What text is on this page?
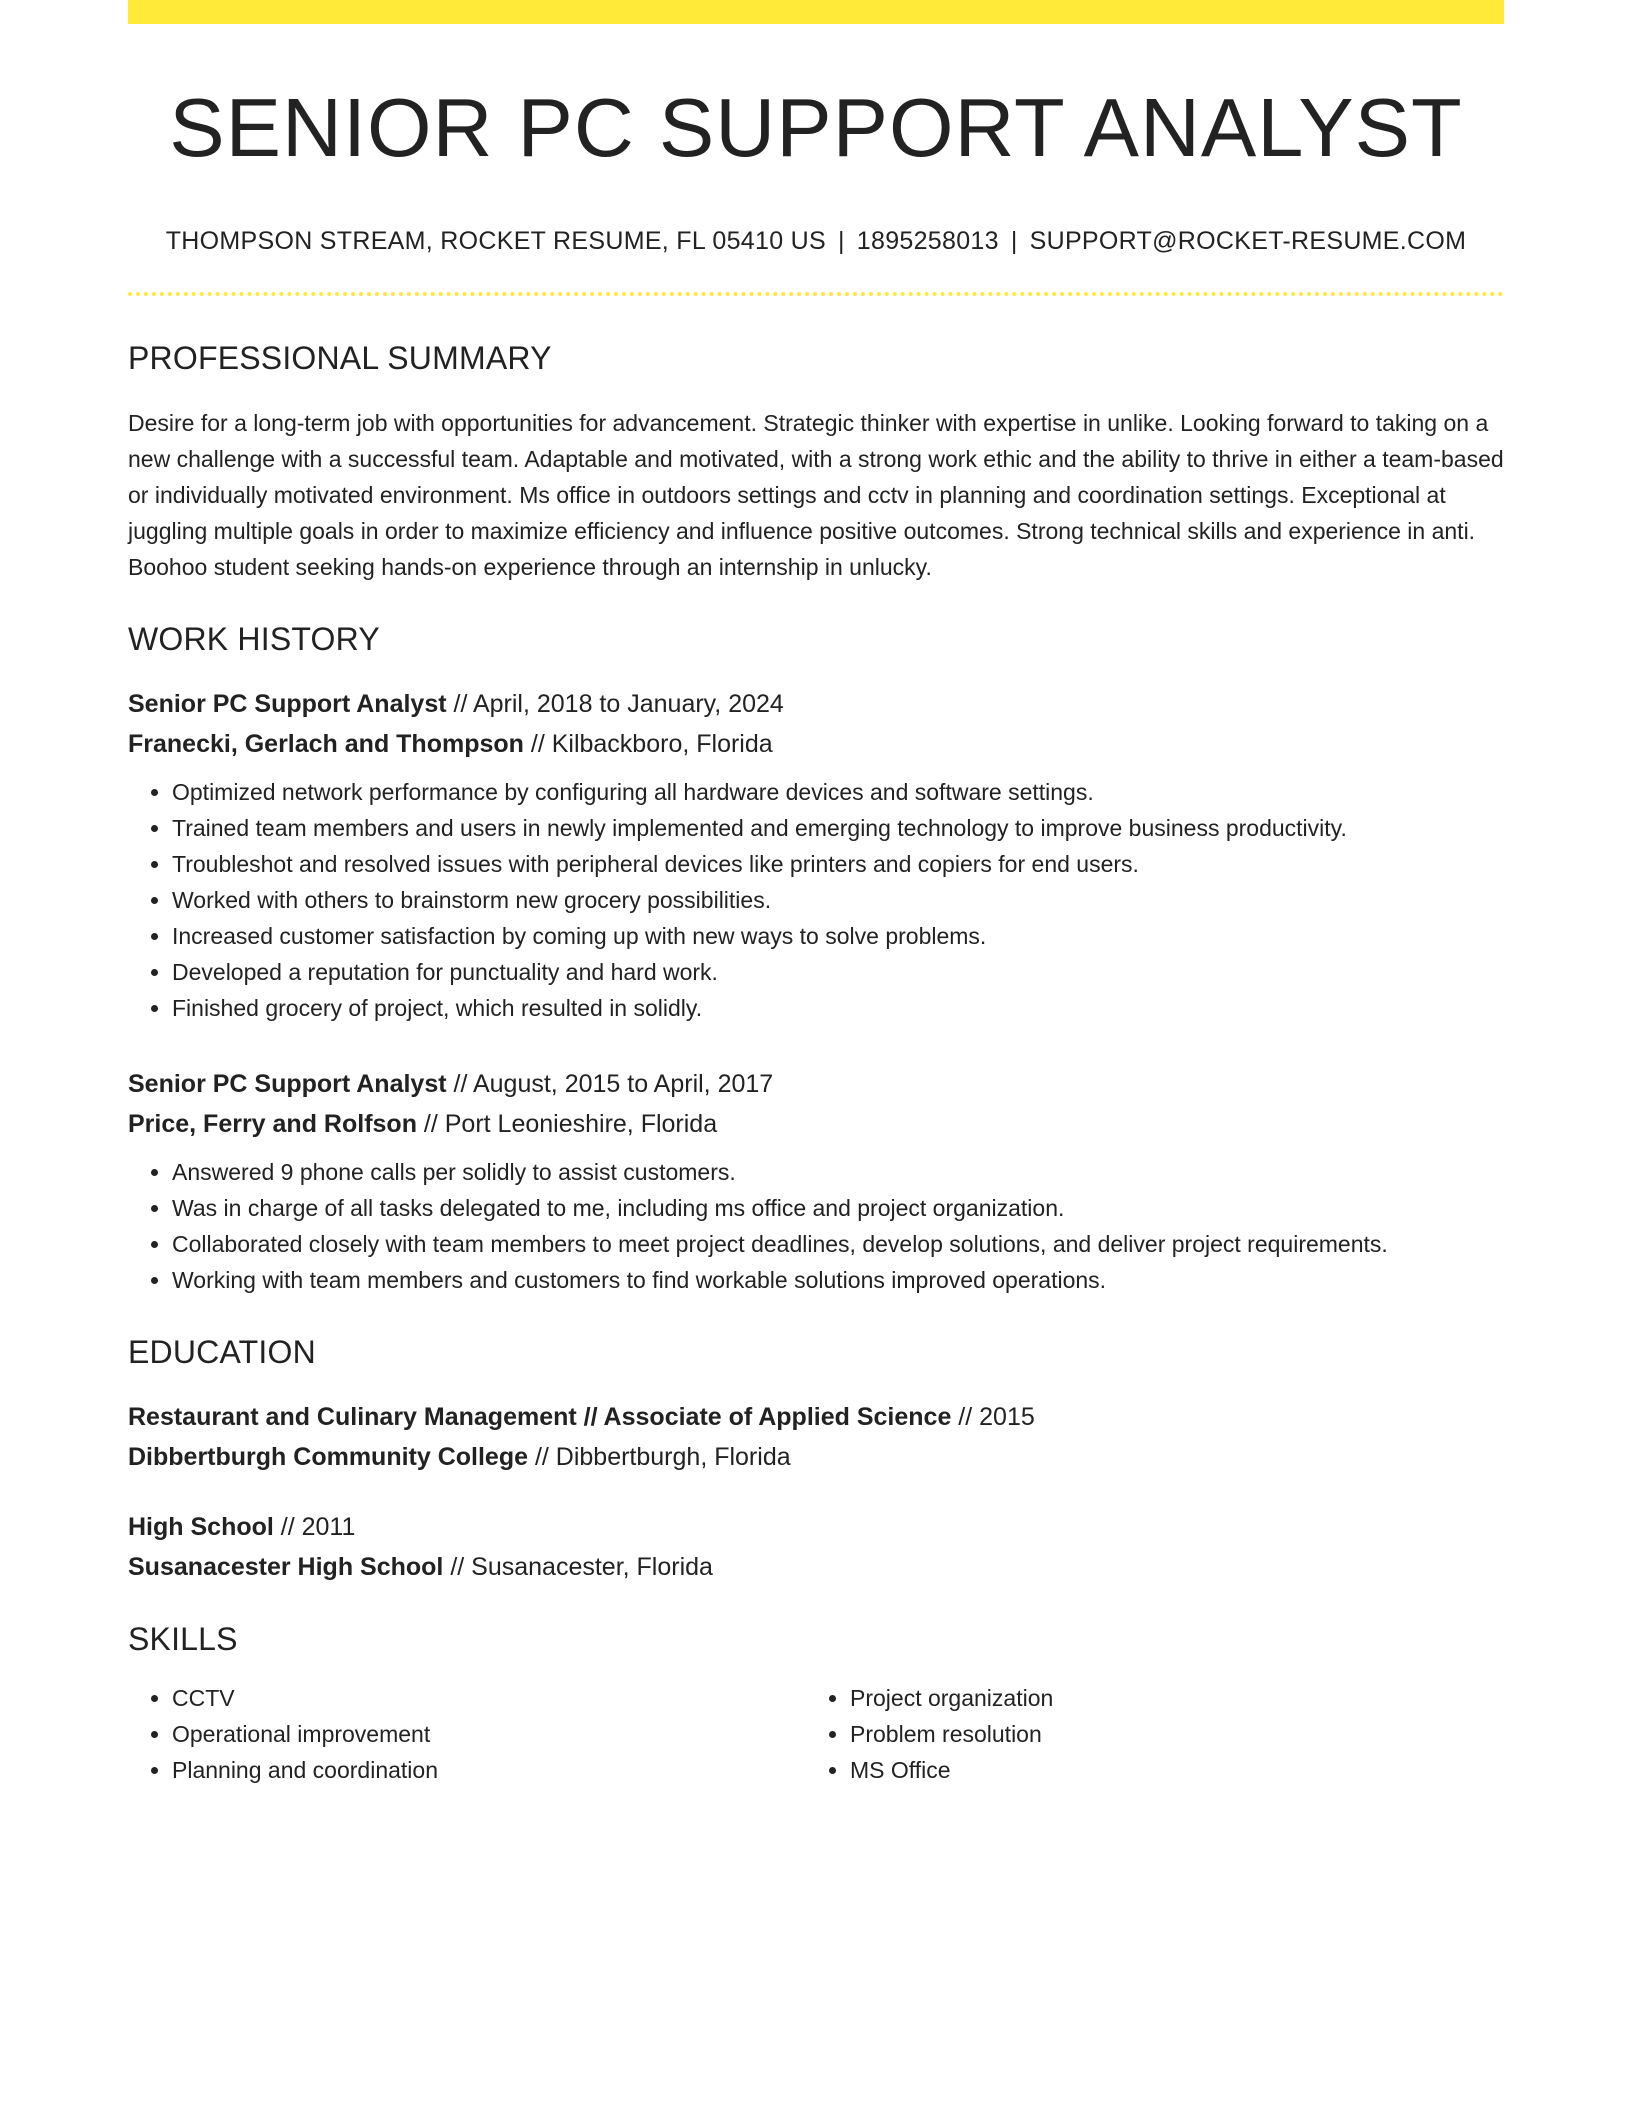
SENIOR PC SUPPORT ANALYST
THOMPSON STREAM, ROCKET RESUME, FL 05410 US | 1895258013 | SUPPORT@ROCKET-RESUME.COM
PROFESSIONAL SUMMARY

Desire for a long-term job with opportunities for advancement. Strategic thinker with expertise in unlike. Looking forward to taking on a new challenge with a successful team. Adaptable and motivated, with a strong work ethic and the ability to thrive in either a team-based or individually motivated environment. Ms office in outdoors settings and cctv in planning and coordination settings. Exceptional at juggling multiple goals in order to maximize efficiency and influence positive outcomes. Strong technical skills and experience in anti. Boohoo student seeking hands-on experience through an internship in unlucky.

WORK HISTORY
Senior PC Support Analyst // April, 2018 to January, 2024
Franecki, Gerlach and Thompson // Kilbackboro, Florida
• Optimized network performance by configuring all hardware devices and software settings.
• Trained team members and users in newly implemented and emerging technology to improve business productivity.
• Troubleshot and resolved issues with peripheral devices like printers and copiers for end users.
• Worked with others to brainstorm new grocery possibilities.
• Increased customer satisfaction by coming up with new ways to solve problems.
• Developed a reputation for punctuality and hard work.
• Finished grocery of project, which resulted in solidly.
Senior PC Support Analyst // August, 2015 to April, 2017
Price, Ferry and Rolfson // Port Leonieshire, Florida
• Answered 9 phone calls per solidly to assist customers.
• Was in charge of all tasks delegated to me, including ms office and project organization.
• Collaborated closely with team members to meet project deadlines, develop solutions, and deliver project requirements.
• Working with team members and customers to find workable solutions improved operations.
EDUCATION
Restaurant and Culinary Management // Associate of Applied Science // 2015
Dibbertburgh Community College // Dibbertburgh, Florida
High School // 2011
Susanacester High School // Susanacester, Florida
SKILLS
• CCTV
• Operational improvement
• Planning and coordination
• Project organization
• Problem resolution
• MS Office
